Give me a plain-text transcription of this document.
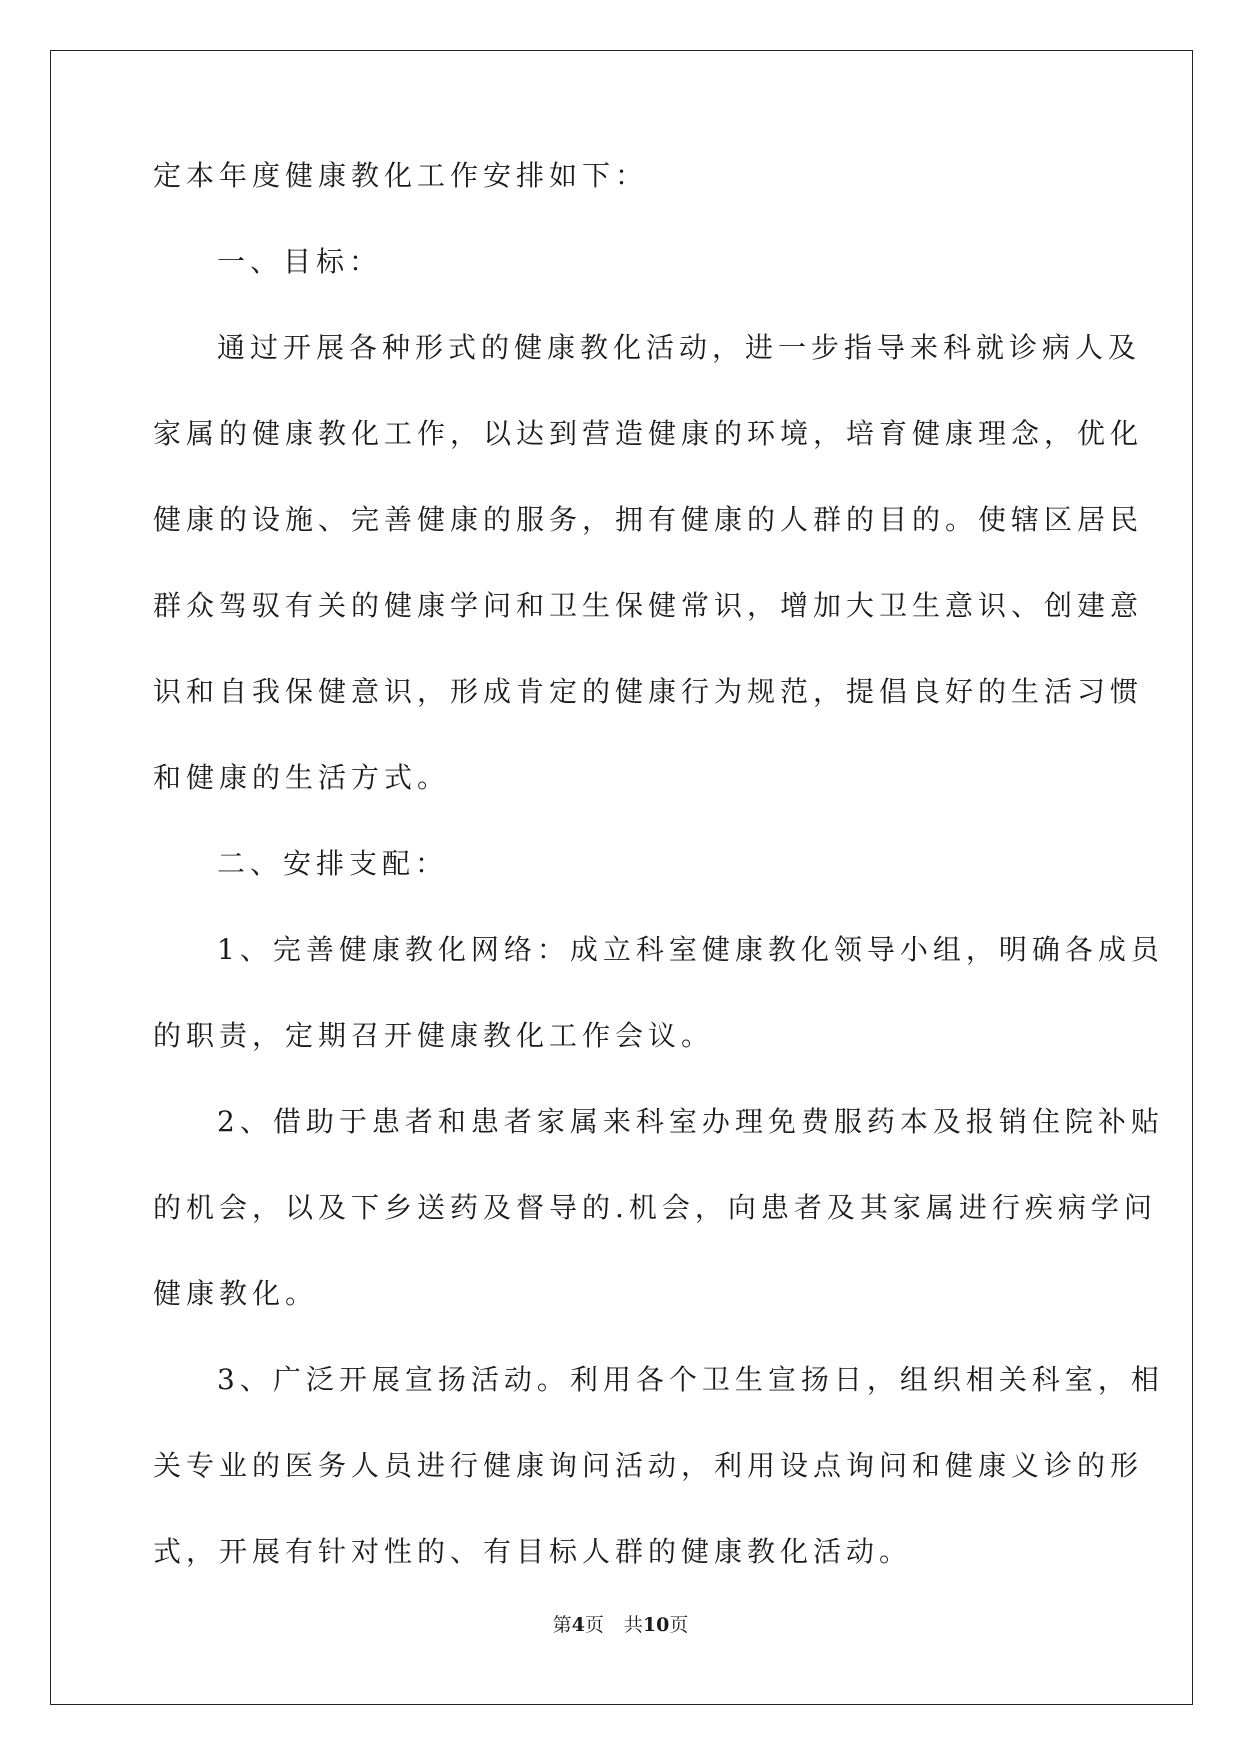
定本年度健康教化工作安排如下：
一、目标：
通过开展各种形式的健康教化活动，进一步指导来科就诊病人及
家属的健康教化工作，以达到营造健康的环境，培育健康理念，优化
健康的设施、完善健康的服务，拥有健康的人群的目的。使辖区居民
群众驾驭有关的健康学问和卫生保健常识，增加大卫生意识、创建意
识和自我保健意识，形成肯定的健康行为规范，提倡良好的生活习惯
和健康的生活方式。
二、安排支配：
1、完善健康教化网络：成立科室健康教化领导小组，明确各成员
的职责，定期召开健康教化工作会议。
2、借助于患者和患者家属来科室办理免费服药本及报销住院补贴
的机会，以及下乡送药及督导的.机会，向患者及其家属进行疾病学问
健康教化。
3、广泛开展宣扬活动。利用各个卫生宣扬日，组织相关科室，相
关专业的医务人员进行健康询问活动，利用设点询问和健康义诊的形
式，开展有针对性的、有目标人群的健康教化活动。
第4页 共10页
